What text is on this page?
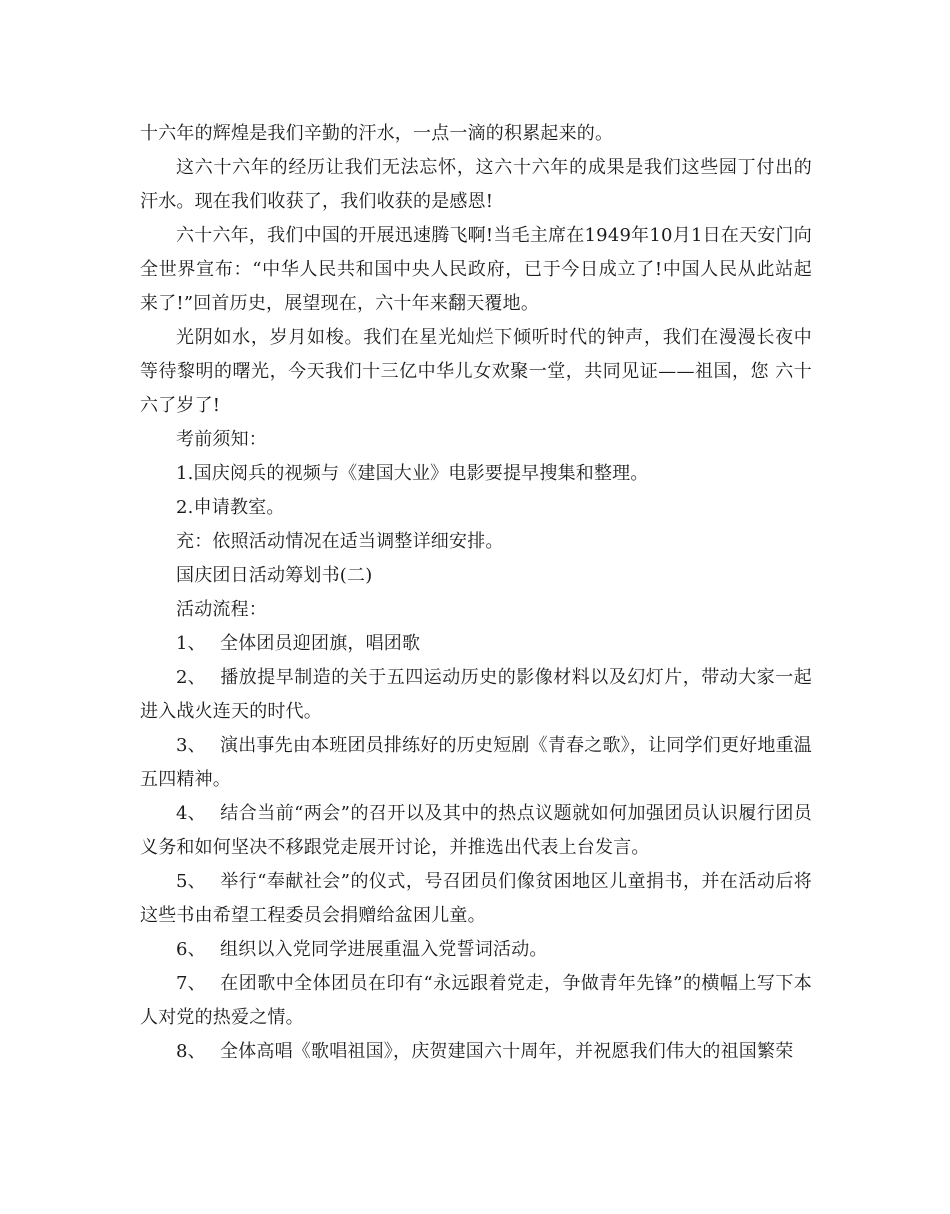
十六年的辉煌是我们辛勤的汗水，一点一滴的积累起来的。

这六十六年的经历让我们无法忘怀，这六十六年的成果是我们这些园丁付出的汗水。现在我们收获了，我们收获的是感恩!

六十六年，我们中国的开展迅速腾飞啊!当毛主席在1949年10月1日在天安门向全世界宣布：“中华人民共和国中央人民政府，已于今日成立了!中国人民从此站起来了!”回首历史，展望现在，六十年来翻天覆地。

光阴如水，岁月如梭。我们在星光灿烂下倾听时代的钟声，我们在漫漫长夜中等待黎明的曙光，今天我们十三亿中华儿女欢聚一堂，共同见证——祖国，您 六十六了岁了!

考前须知：

1.国庆阅兵的视频与《建国大业》电影要提早搜集和整理。

2.申请教室。

充：依照活动情况在适当调整详细安排。

国庆团日活动筹划书(二)

活动流程：

1、 全体团员迎团旗，唱团歌

2、 播放提早制造的关于五四运动历史的影像材料以及幻灯片，带动大家一起进入战火连天的时代。

3、 演出事先由本班团员排练好的历史短剧《青春之歌》，让同学们更好地重温五四精神。

4、 结合当前“两会”的召开以及其中的热点议题就如何加强团员认识履行团员义务和如何坚决不移跟党走展开讨论，并推选出代表上台发言。

5、 举行“奉献社会”的仪式，号召团员们像贫困地区儿童捐书，并在活动后将这些书由希望工程委员会捐赠给盆困儿童。

6、 组织以入党同学进展重温入党誓词活动。

7、 在团歌中全体团员在印有“永远跟着党走，争做青年先锋”的横幅上写下本人对党的热爱之情。

8、 全体高唱《歌唱祖国》，庆贺建国六十周年，并祝愿我们伟大的祖国繁荣
